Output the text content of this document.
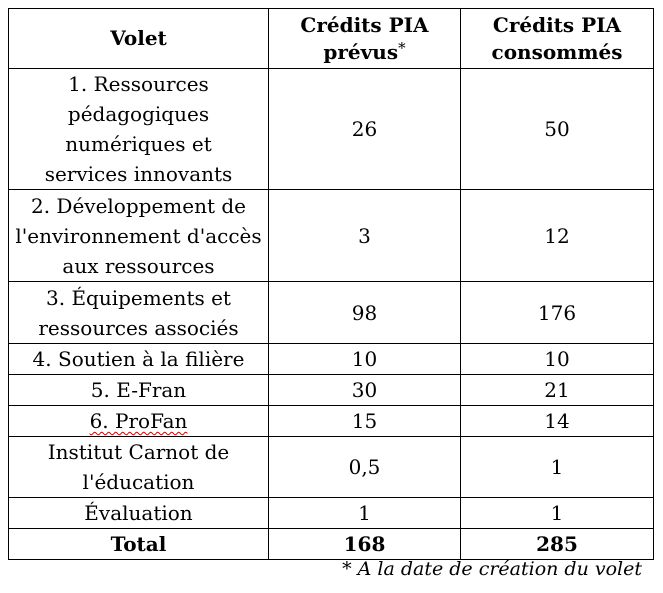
Volet	Crédits PIA prévus*	Crédits PIA consommés
1. Ressources pédagogiques numériques et services innovants	26	50
2. Développement de l'environnement d'accès aux ressources	3	12
3. Équipements et ressources associés	98	176
4. Soutien à la filière	10	10
5. E-Fran	30	21
6. ProFan	15	14
Institut Carnot de l'éducation	0,5	1
Évaluation	1	1
Total	168	285
* A la date de création du volet
